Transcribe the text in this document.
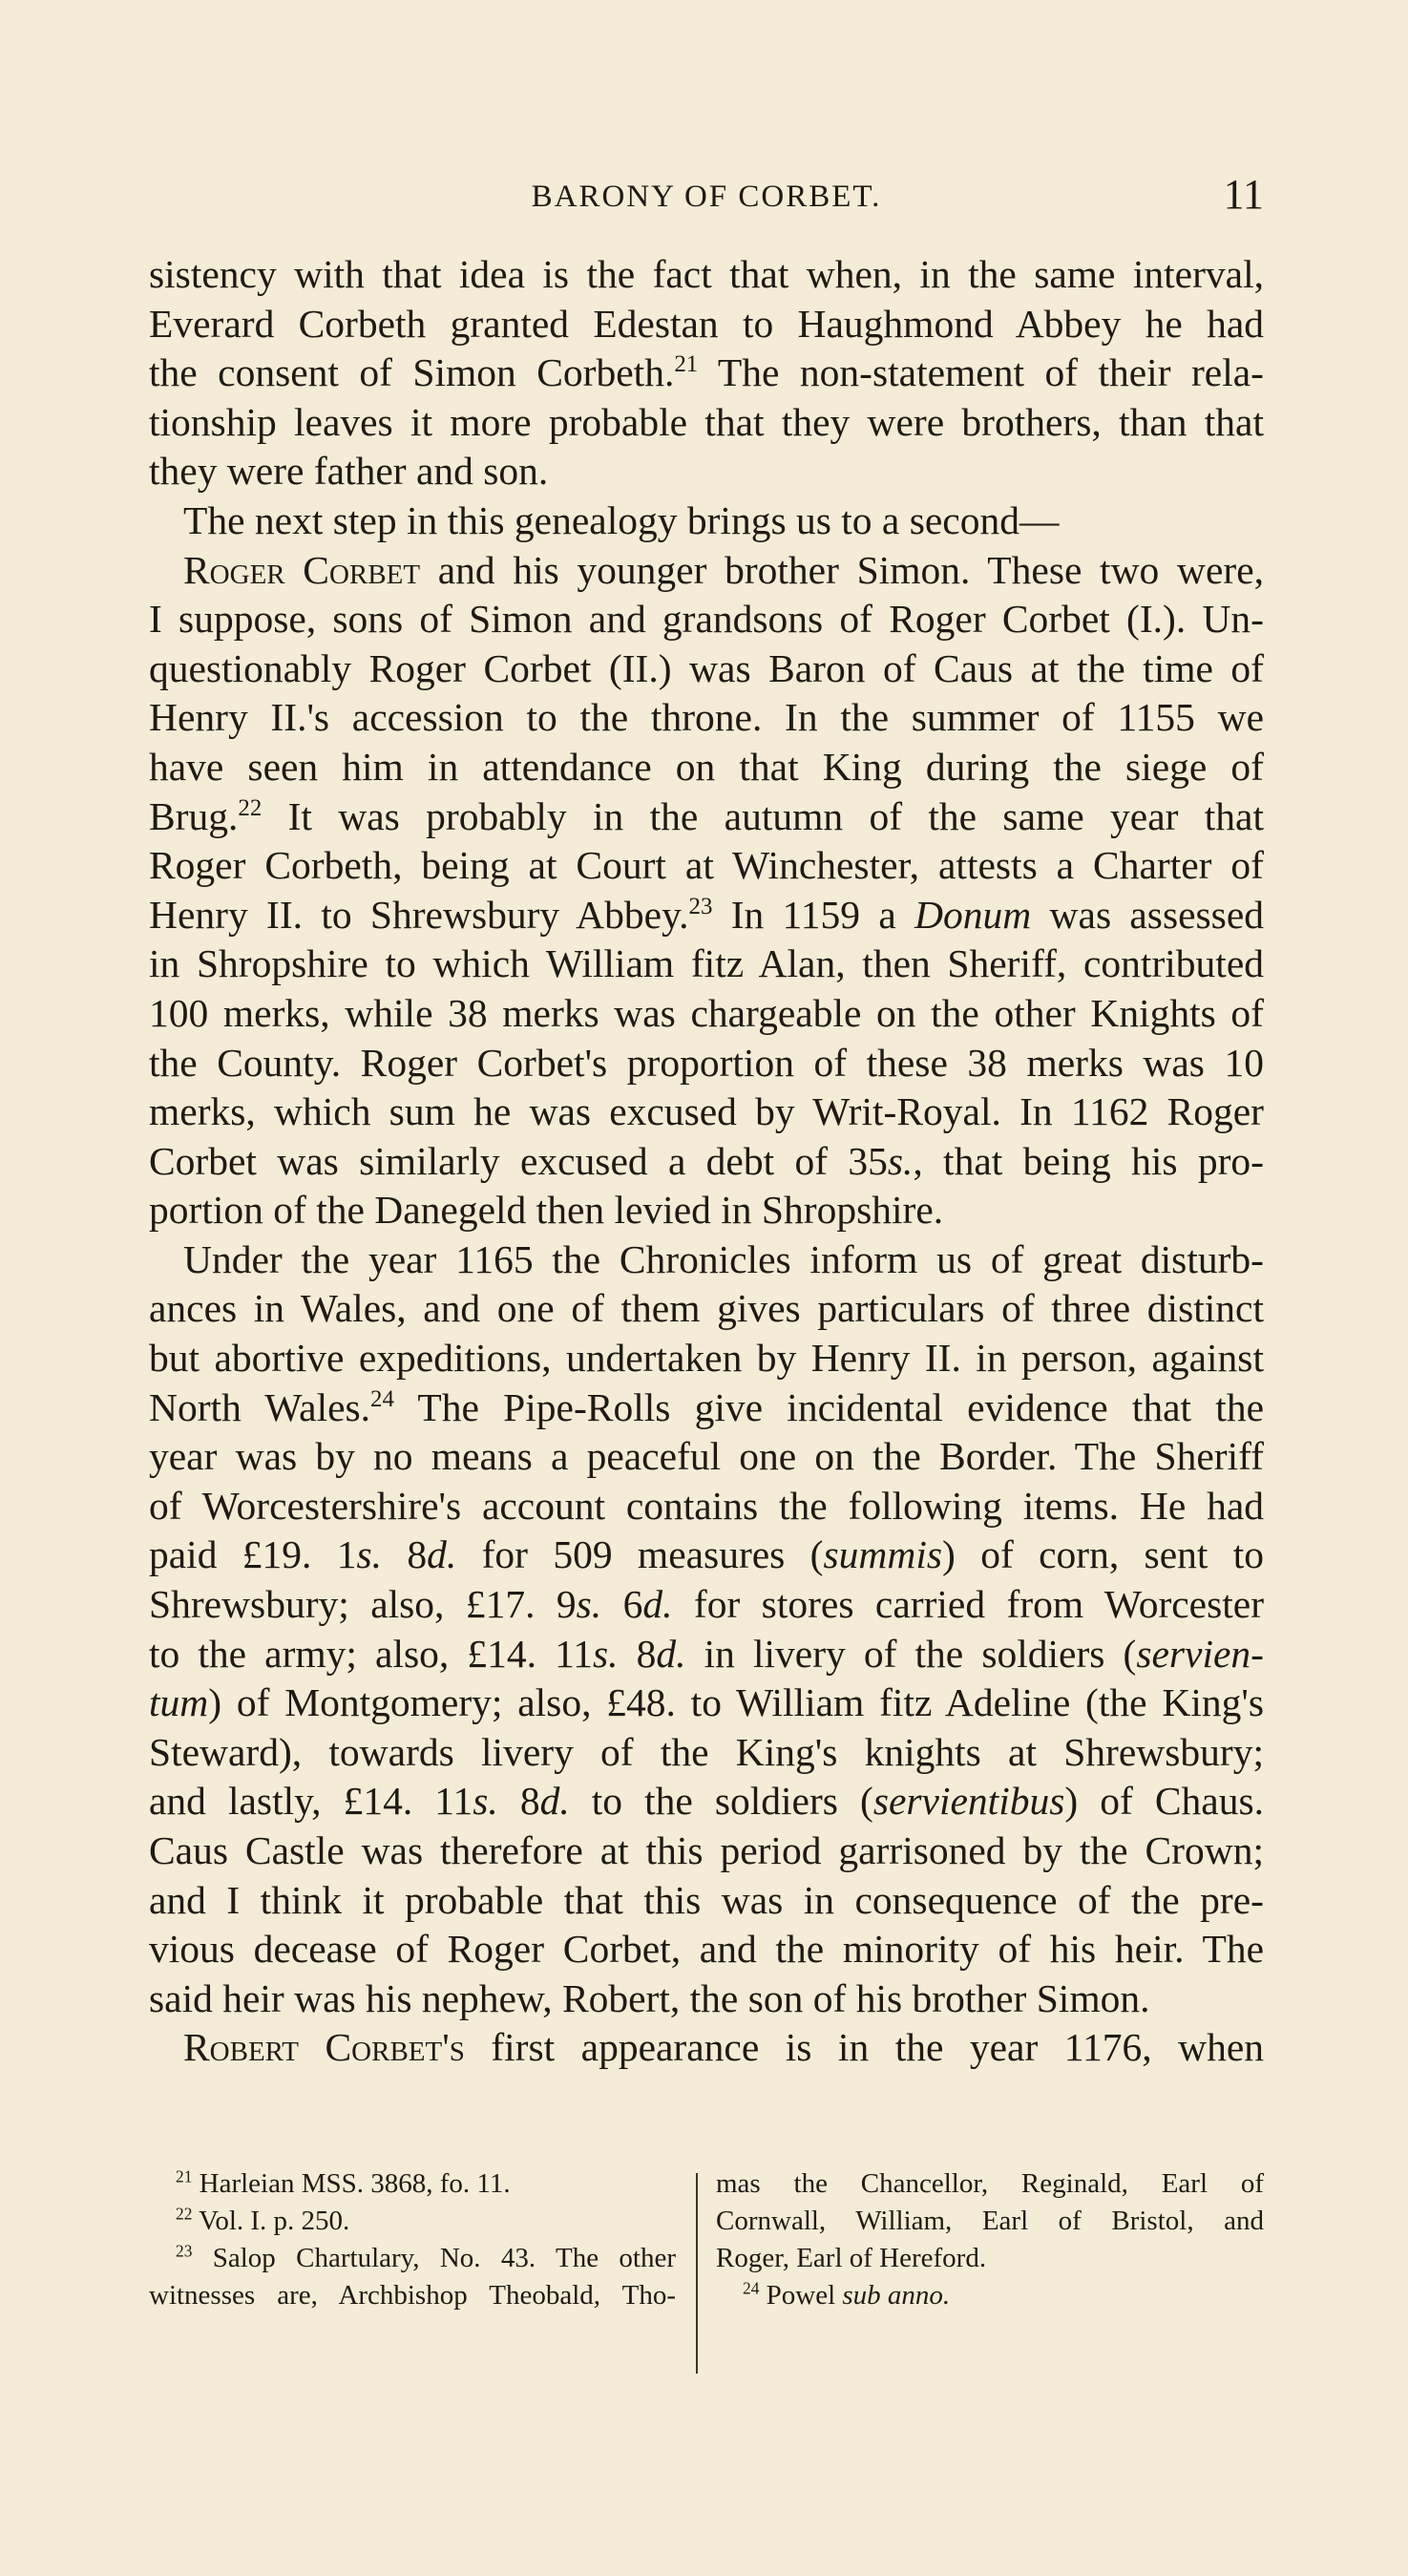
BARONY OF CORBET.	11
sistency with that idea is the fact that when, in the same interval,
Everard Corbeth granted Edestan to Haughmond Abbey he had
the consent of Simon Corbeth.$^{21}$ The non-statement of their rela-
tionship leaves it more probable that they were brothers, than that
they were father and son.
The next step in this genealogy brings us to a second—
Roger Corbet and his younger brother Simon. These two were,
I suppose, sons of Simon and grandsons of Roger Corbet (I.). Un-
questionably Roger Corbet (II.) was Baron of Caus at the time of
Henry II.'s accession to the throne. In the summer of 1155 we
have seen him in attendance on that King during the siege of
Brug.$^{22}$ It was probably in the autumn of the same year that
Roger Corbeth, being at Court at Winchester, attests a Charter of
Henry II. to Shrewsbury Abbey.$^{23}$ In 1159 a Donum was assessed
in Shropshire to which William fitz Alan, then Sheriff, contributed
100 merks, while 38 merks was chargeable on the other Knights of
the County. Roger Corbet's proportion of these 38 merks was 10
merks, which sum he was excused by Writ-Royal. In 1162 Roger
Corbet was similarly excused a debt of 35s., that being his pro-
portion of the Danegeld then levied in Shropshire.
Under the year 1165 the Chronicles inform us of great disturb-
ances in Wales, and one of them gives particulars of three distinct
but abortive expeditions, undertaken by Henry II. in person, against
North Wales.$^{24}$ The Pipe-Rolls give incidental evidence that the
year was by no means a peaceful one on the Border. The Sheriff
of Worcestershire's account contains the following items. He had
paid £19. 1s. 8d. for 509 measures (summis) of corn, sent to
Shrewsbury; also, £17. 9s. 6d. for stores carried from Worcester
to the army; also, £14. 11s. 8d. in livery of the soldiers (servien-
tum) of Montgomery; also, £48. to William fitz Adeline (the King's
Steward), towards livery of the King's knights at Shrewsbury;
and lastly, £14. 11s. 8d. to the soldiers (servientibus) of Chaus.
Caus Castle was therefore at this period garrisoned by the Crown;
and I think it probable that this was in consequence of the pre-
vious decease of Roger Corbet, and the minority of his heir. The
said heir was his nephew, Robert, the son of his brother Simon.
Robert Corbet's first appearance is in the year 1176, when
$^{21}$ Harleian MSS. 3868, fo. 11.
$^{22}$ Vol. I. p. 250.
$^{23}$ Salop Chartulary, No. 43. The other
witnesses are, Archbishop Theobald, Tho-
mas the Chancellor, Reginald, Earl of
Cornwall, William, Earl of Bristol, and
Roger, Earl of Hereford.
$^{24}$ Powel sub anno.
